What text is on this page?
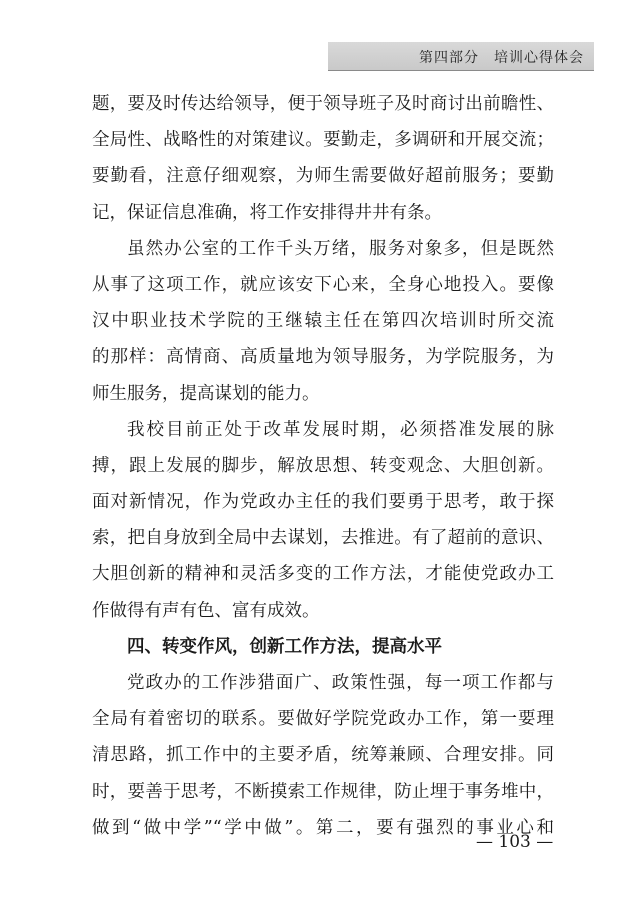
第四部分　培训心得体会
题，要及时传达给领导，便于领导班子及时商讨出前瞻性、
全局性、战略性的对策建议。要勤走，多调研和开展交流；
要勤看，注意仔细观察，为师生需要做好超前服务；要勤
记，保证信息准确，将工作安排得井井有条。
虽然办公室的工作千头万绪，服务对象多，但是既然
从事了这项工作，就应该安下心来，全身心地投入。要像
汉中职业技术学院的王继辕主任在第四次培训时所交流
的那样：高情商、高质量地为领导服务，为学院服务，为
师生服务，提高谋划的能力。
我校目前正处于改革发展时期，必须搭准发展的脉
搏，跟上发展的脚步，解放思想、转变观念、大胆创新。
面对新情况，作为党政办主任的我们要勇于思考，敢于探
索，把自身放到全局中去谋划，去推进。有了超前的意识、
大胆创新的精神和灵活多变的工作方法，才能使党政办工
作做得有声有色、富有成效。
四、转变作风，创新工作方法，提高水平
党政办的工作涉猎面广、政策性强，每一项工作都与
全局有着密切的联系。要做好学院党政办工作，第一要理
清思路，抓工作中的主要矛盾，统筹兼顾、合理安排。同
时，要善于思考，不断摸索工作规律，防止埋于事务堆中，
做到“做中学”“学中做”。第二，要有强烈的事业心和
— 103 —
